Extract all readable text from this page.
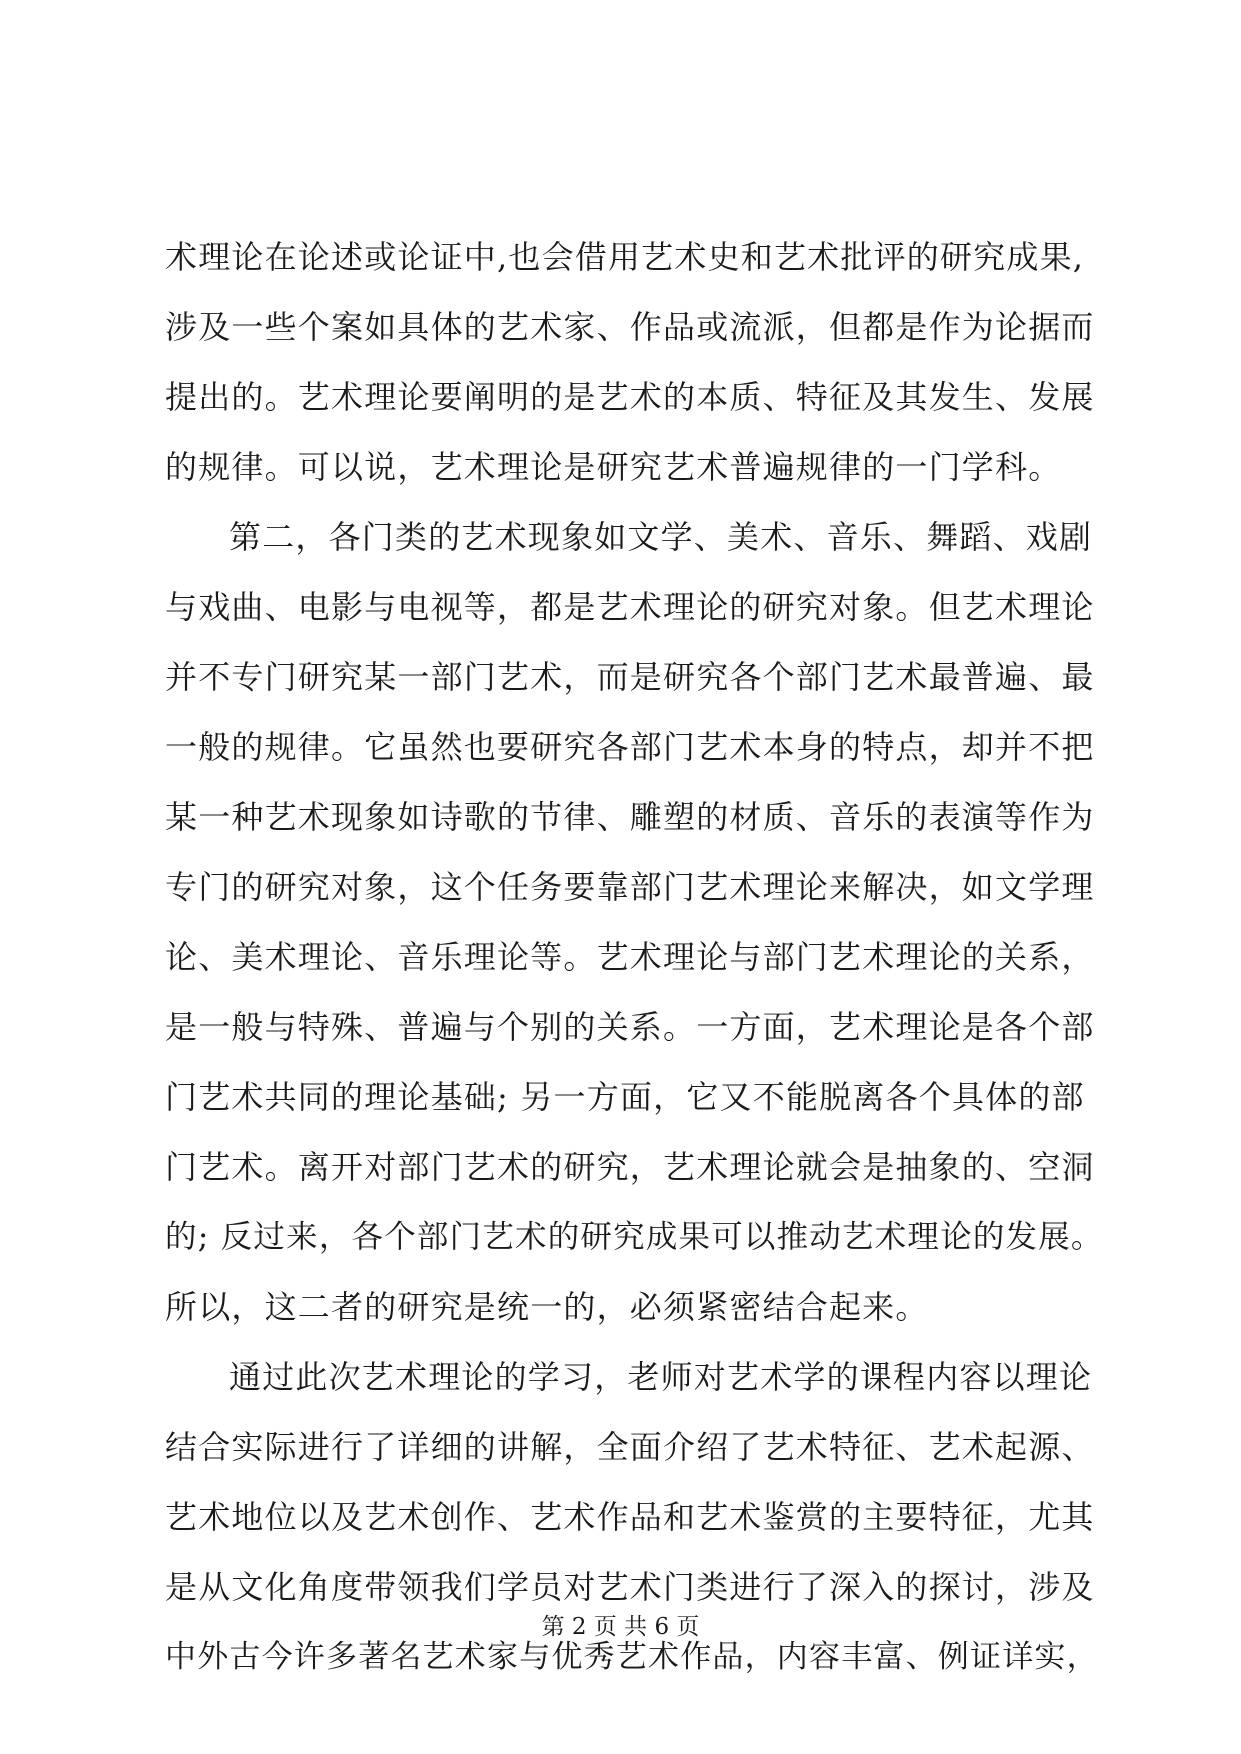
术理论在论述或论证中,也会借用艺术史和艺术批评的研究成果,
涉及一些个案如具体的艺术家、作品或流派，但都是作为论据而
提出的。艺术理论要阐明的是艺术的本质、特征及其发生、发展
的规律。可以说，艺术理论是研究艺术普遍规律的一门学科。
第二，各门类的艺术现象如文学、美术、音乐、舞蹈、戏剧
与戏曲、电影与电视等，都是艺术理论的研究对象。但艺术理论
并不专门研究某一部门艺术，而是研究各个部门艺术最普遍、最
一般的规律。它虽然也要研究各部门艺术本身的特点，却并不把
某一种艺术现象如诗歌的节律、雕塑的材质、音乐的表演等作为
专门的研究对象，这个任务要靠部门艺术理论来解决，如文学理
论、美术理论、音乐理论等。艺术理论与部门艺术理论的关系，
是一般与特殊、普遍与个别的关系。一方面，艺术理论是各个部
门艺术共同的理论基础; 另一方面，它又不能脱离各个具体的部
门艺术。离开对部门艺术的研究，艺术理论就会是抽象的、空洞
的; 反过来，各个部门艺术的研究成果可以推动艺术理论的发展。
所以，这二者的研究是统一的，必须紧密结合起来。
通过此次艺术理论的学习，老师对艺术学的课程内容以理论
结合实际进行了详细的讲解，全面介绍了艺术特征、艺术起源、
艺术地位以及艺术创作、艺术作品和艺术鉴赏的主要特征，尤其
是从文化角度带领我们学员对艺术门类进行了深入的探讨，涉及
中外古今许多著名艺术家与优秀艺术作品，内容丰富、例证详实，
第 2 页 共 6 页
